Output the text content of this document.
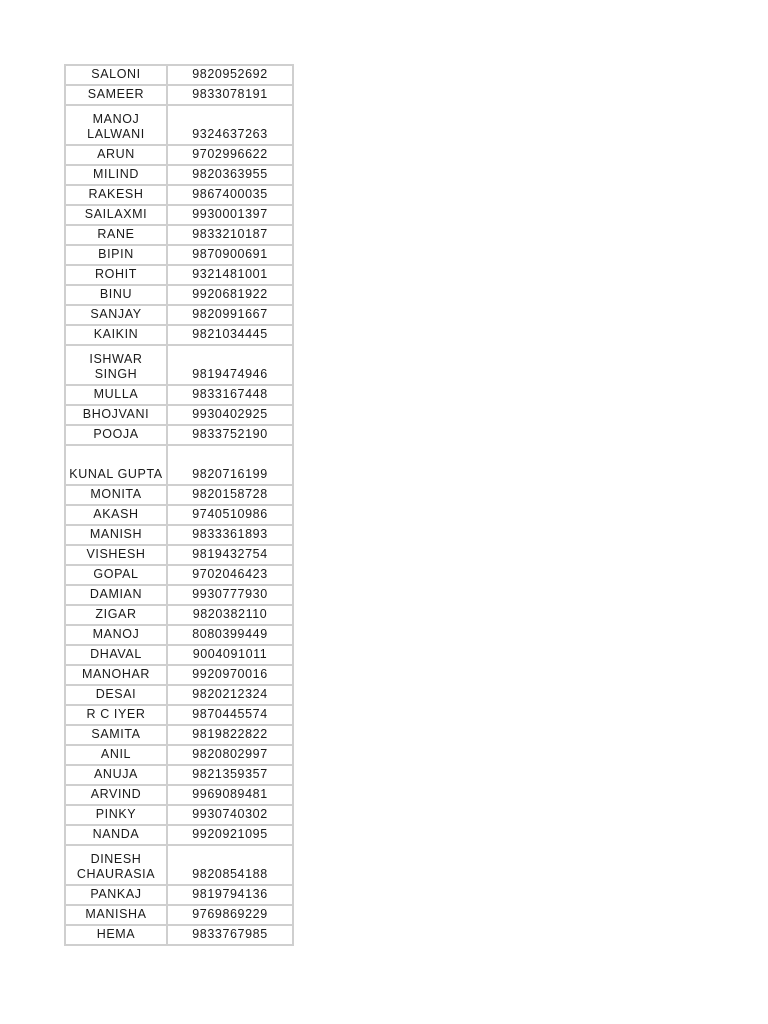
SALONI	9820952692
SAMEER	9833078191
MANOJ LALWANI	9324637263
ARUN	9702996622
MILIND	9820363955
RAKESH	9867400035
SAILAXMI	9930001397
RANE	9833210187
BIPIN	9870900691
ROHIT	9321481001
BINU	9920681922
SANJAY	9820991667
KAIKIN	9821034445
ISHWAR SINGH	9819474946
MULLA	9833167448
BHOJVANI	9930402925
POOJA	9833752190
KUNAL GUPTA	9820716199
MONITA	9820158728
AKASH	9740510986
MANISH	9833361893
VISHESH	9819432754
GOPAL	9702046423
DAMIAN	9930777930
ZIGAR	9820382110
MANOJ	8080399449
DHAVAL	9004091011
MANOHAR	9920970016
DESAI	9820212324
R C IYER	9870445574
SAMITA	9819822822
ANIL	9820802997
ANUJA	9821359357
ARVIND	9969089481
PINKY	9930740302
NANDA	9920921095
DINESH CHAURASIA	9820854188
PANKAJ	9819794136
MANISHA	9769869229
HEMA	9833767985
